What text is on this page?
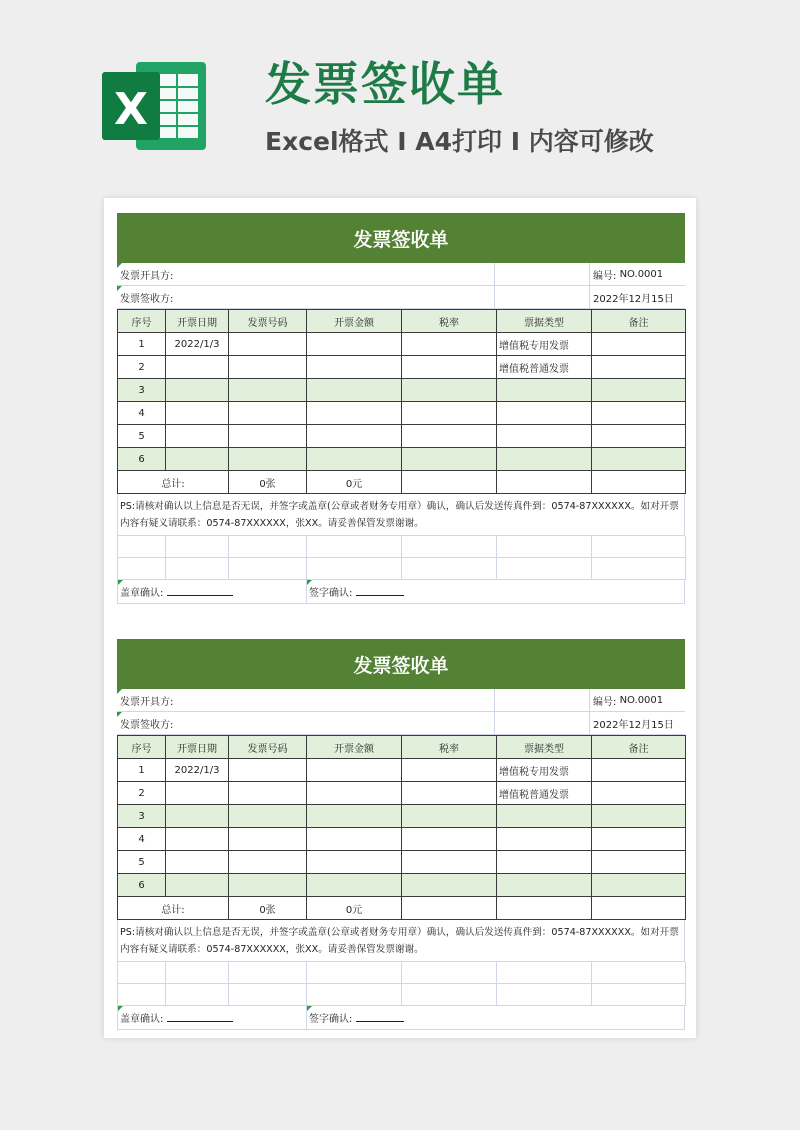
X	发票签收单
Excel格式 I A4打印 I 内容可修改
发票签收单
发票开具方:	编号:
NO.0001
发票签收方:	2022年12月15日
序号	开票日期	发票号码	开票金额	税率	票据类型	备注
1	2022/1/3				增值税专用发票	
2					增值税普通发票	
3						
4						
5						
6						
总计:		0张	0元			
PS:请核对确认以上信息是否无误，并签字或盖章(公章或者财务专用章）确认，确认后发送传真件到：0574-87XXXXXX。如对开票内容有疑义请联系：0574-87XXXXXX，张XX。请妥善保管发票谢谢。
盖章确认:	签字确认:
发票签收单
发票开具方:	编号:
NO.0001
发票签收方:	2022年12月15日
序号	开票日期	发票号码	开票金额	税率	票据类型	备注
1	2022/1/3				增值税专用发票	
2					增值税普通发票	
3						
4						
5						
6						
总计:		0张	0元			
PS:请核对确认以上信息是否无误，并签字或盖章(公章或者财务专用章）确认，确认后发送传真件到：0574-87XXXXXX。如对开票内容有疑义请联系：0574-87XXXXXX，张XX。请妥善保管发票谢谢。
盖章确认:	签字确认:
